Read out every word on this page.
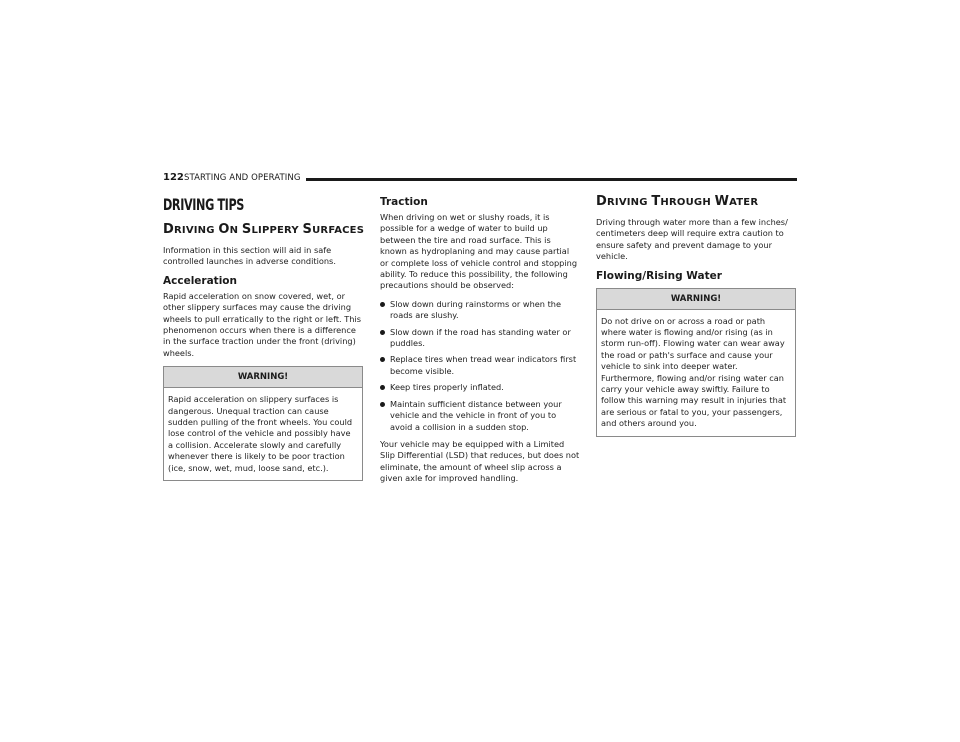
122 STARTING AND OPERATING
DRIVING TIPS
DRIVING ON SLIPPERY SURFACES

Information in this section will aid in safe controlled launches in adverse conditions.

Acceleration

Rapid acceleration on snow covered, wet, or other slippery surfaces may cause the driving wheels to pull erratically to the right or left. This phenomenon occurs when there is a difference in the surface traction under the front (driving) wheels.

WARNING!

Rapid acceleration on slippery surfaces is dangerous. Unequal traction can cause sudden pulling of the front wheels. You could lose control of the vehicle and possibly have a collision. Accelerate slowly and carefully whenever there is likely to be poor traction (ice, snow, wet, mud, loose sand, etc.).

Traction

When driving on wet or slushy roads, it is possible for a wedge of water to build up between the tire and road surface. This is known as hydroplaning and may cause partial or complete loss of vehicle control and stopping ability. To reduce this possibility, the following precautions should be observed:

Slow down during rainstorms or when the roads are slushy.
Slow down if the road has standing water or puddles.
Replace tires when tread wear indicators first become visible.
Keep tires properly inflated.
Maintain sufficient distance between your vehicle and the vehicle in front of you to avoid a collision in a sudden stop.

Your vehicle may be equipped with a Limited Slip Differential (LSD) that reduces, but does not eliminate, the amount of wheel slip across a given axle for improved handling.

DRIVING THROUGH WATER

Driving through water more than a few inches/ centimeters deep will require extra caution to ensure safety and prevent damage to your vehicle.

Flowing/Rising Water
WARNING!

Do not drive on or across a road or path where water is flowing and/or rising (as in storm run-off). Flowing water can wear away the road or path's surface and cause your vehicle to sink into deeper water. Furthermore, flowing and/or rising water can carry your vehicle away swiftly. Failure to follow this warning may result in injuries that are serious or fatal to you, your passengers, and others around you.
